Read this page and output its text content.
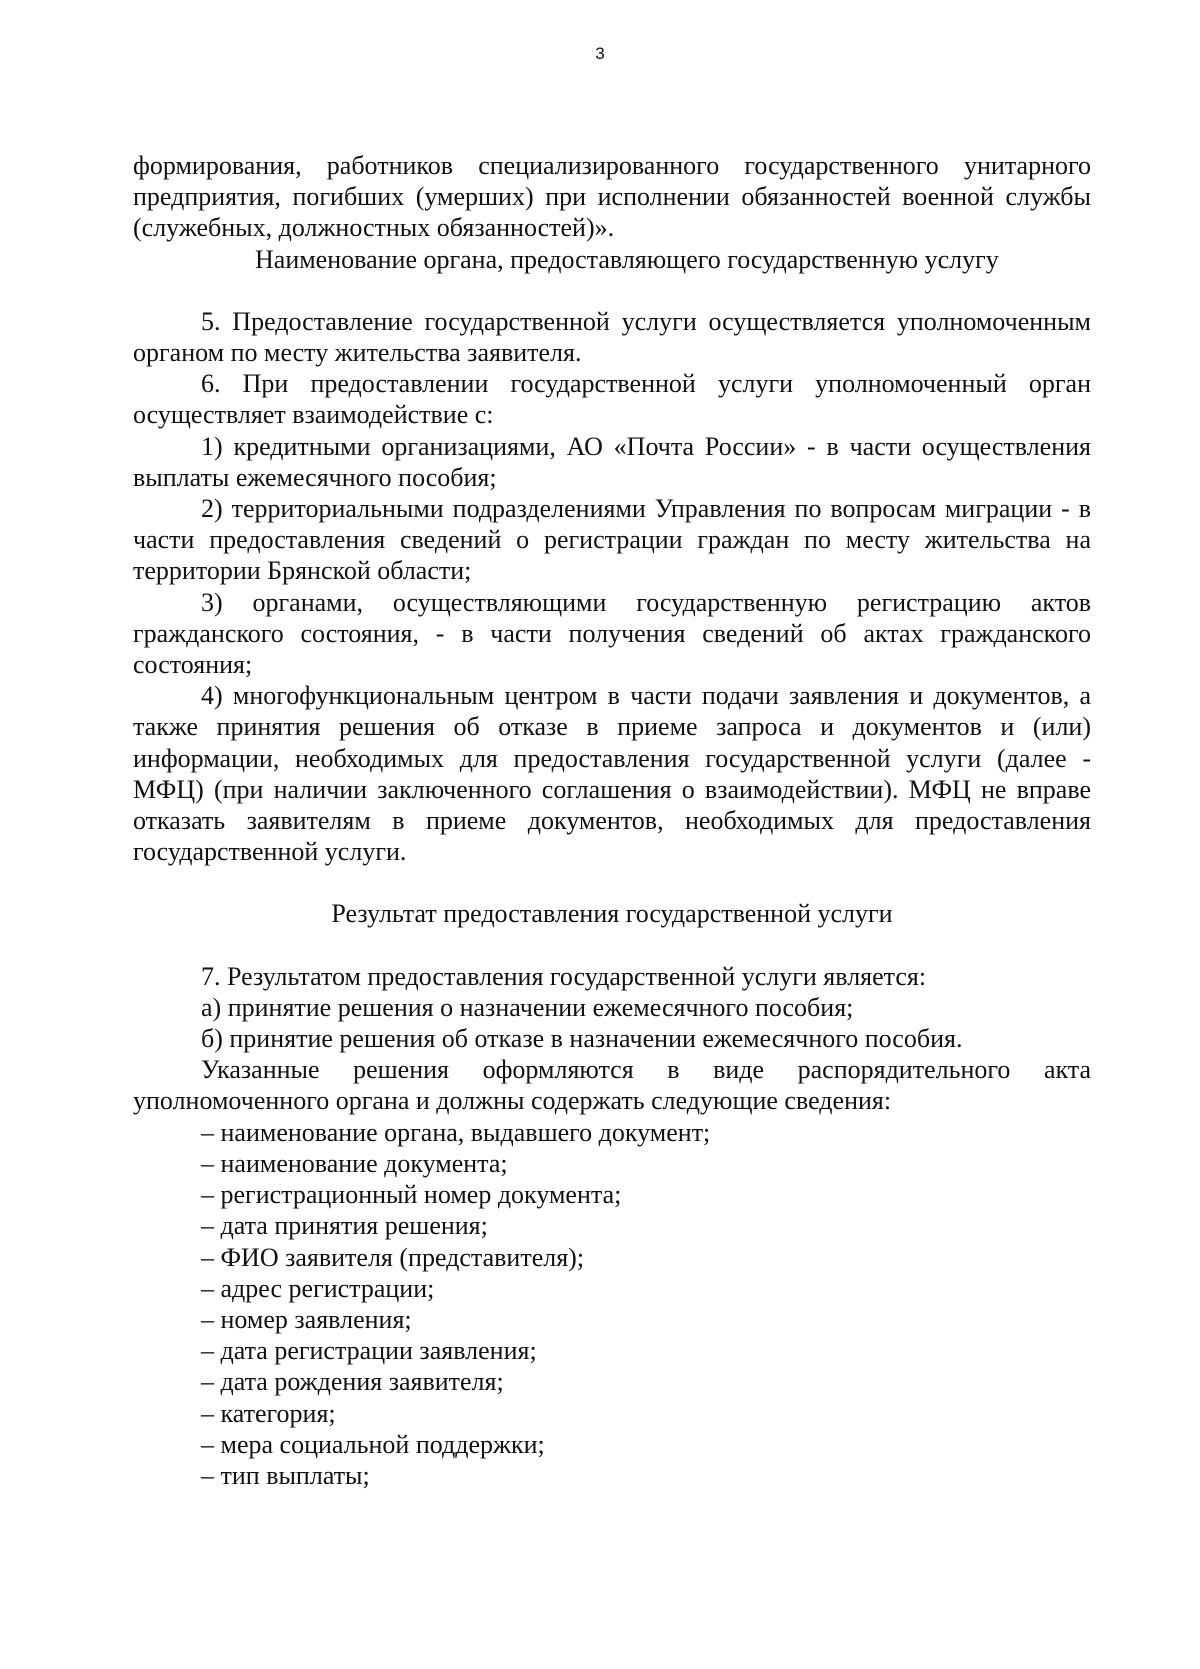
3

формирования, работников специализированного государственного унитарного предприятия, погибших (умерших) при исполнении обязанностей военной службы (служебных, должностных обязанностей)».

Наименование органа, предоставляющего государственную услугу

5. Предоставление государственной услуги осуществляется уполномоченным органом по месту жительства заявителя.

6. При предоставлении государственной услуги уполномоченный орган осуществляет взаимодействие с:

1) кредитными организациями, АО «Почта России» - в части осуществления выплаты ежемесячного пособия;

2) территориальными подразделениями Управления по вопросам миграции - в части предоставления сведений о регистрации граждан по месту жительства на территории Брянской области;

3) органами, осуществляющими государственную регистрацию актов гражданского состояния, - в части получения сведений об актах гражданского состояния;

4) многофункциональным центром в части подачи заявления и документов, а также принятия решения об отказе в приеме запроса и документов и (или) информации, необходимых для предоставления государственной услуги (далее - МФЦ) (при наличии заключенного соглашения о взаимодействии). МФЦ не вправе отказать заявителям в приеме документов, необходимых для предоставления государственной услуги.

Результат предоставления государственной услуги

7. Результатом предоставления государственной услуги является:

а) принятие решения о назначении ежемесячного пособия;

б) принятие решения об отказе в назначении ежемесячного пособия.

Указанные решения оформляются в виде распорядительного акта уполномоченного органа и должны содержать следующие сведения:

– наименование органа, выдавшего документ;

– наименование документа;

– регистрационный номер документа;

– дата принятия решения;

– ФИО заявителя (представителя);

– адрес регистрации;

– номер заявления;

– дата регистрации заявления;

– дата рождения заявителя;

– категория;

– мера социальной поддержки;

– тип выплаты;
